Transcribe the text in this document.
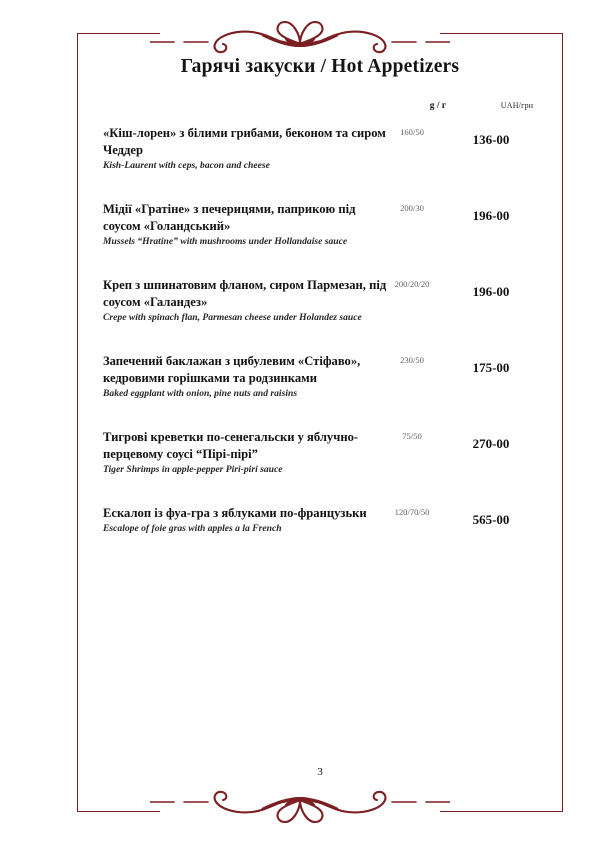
Гарячі закуски / Hot Appetizers
g / г	UAH/грн
«Кіш-лорен» з білими грибами, беконом та сиром Чеддер
Kish-Laurent with ceps, bacon and cheese
160/50	136-00
Мідії «Гратіне» з печерицями, паприкою під соусом «Голандський»
Mussels “Hratine” with mushrooms under Hollandaise sauce
200/30	196-00
Креп з шпинатовим фланом, сиром Пармезан, під соусом «Галандез»
Crepe with spinach flan, Parmesan cheese under Holandez sauce
200/20/20	196-00
Запечений баклажан з цибулевим «Стіфаво», кедровими горішками та родзинками
Baked eggplant with onion, pine nuts and raisins
230/50	175-00
Тигрові креветки по-сенегальски у яблучно-перцевому соусі “Пірі-пірі”
Tiger Shrimps in apple-pepper Piri-piri sauce
75/50	270-00
Ескалоп із фуа-гра з яблуками по-французьки
Escalope of foie gras with apples a la French
120/70/50	565-00
3
